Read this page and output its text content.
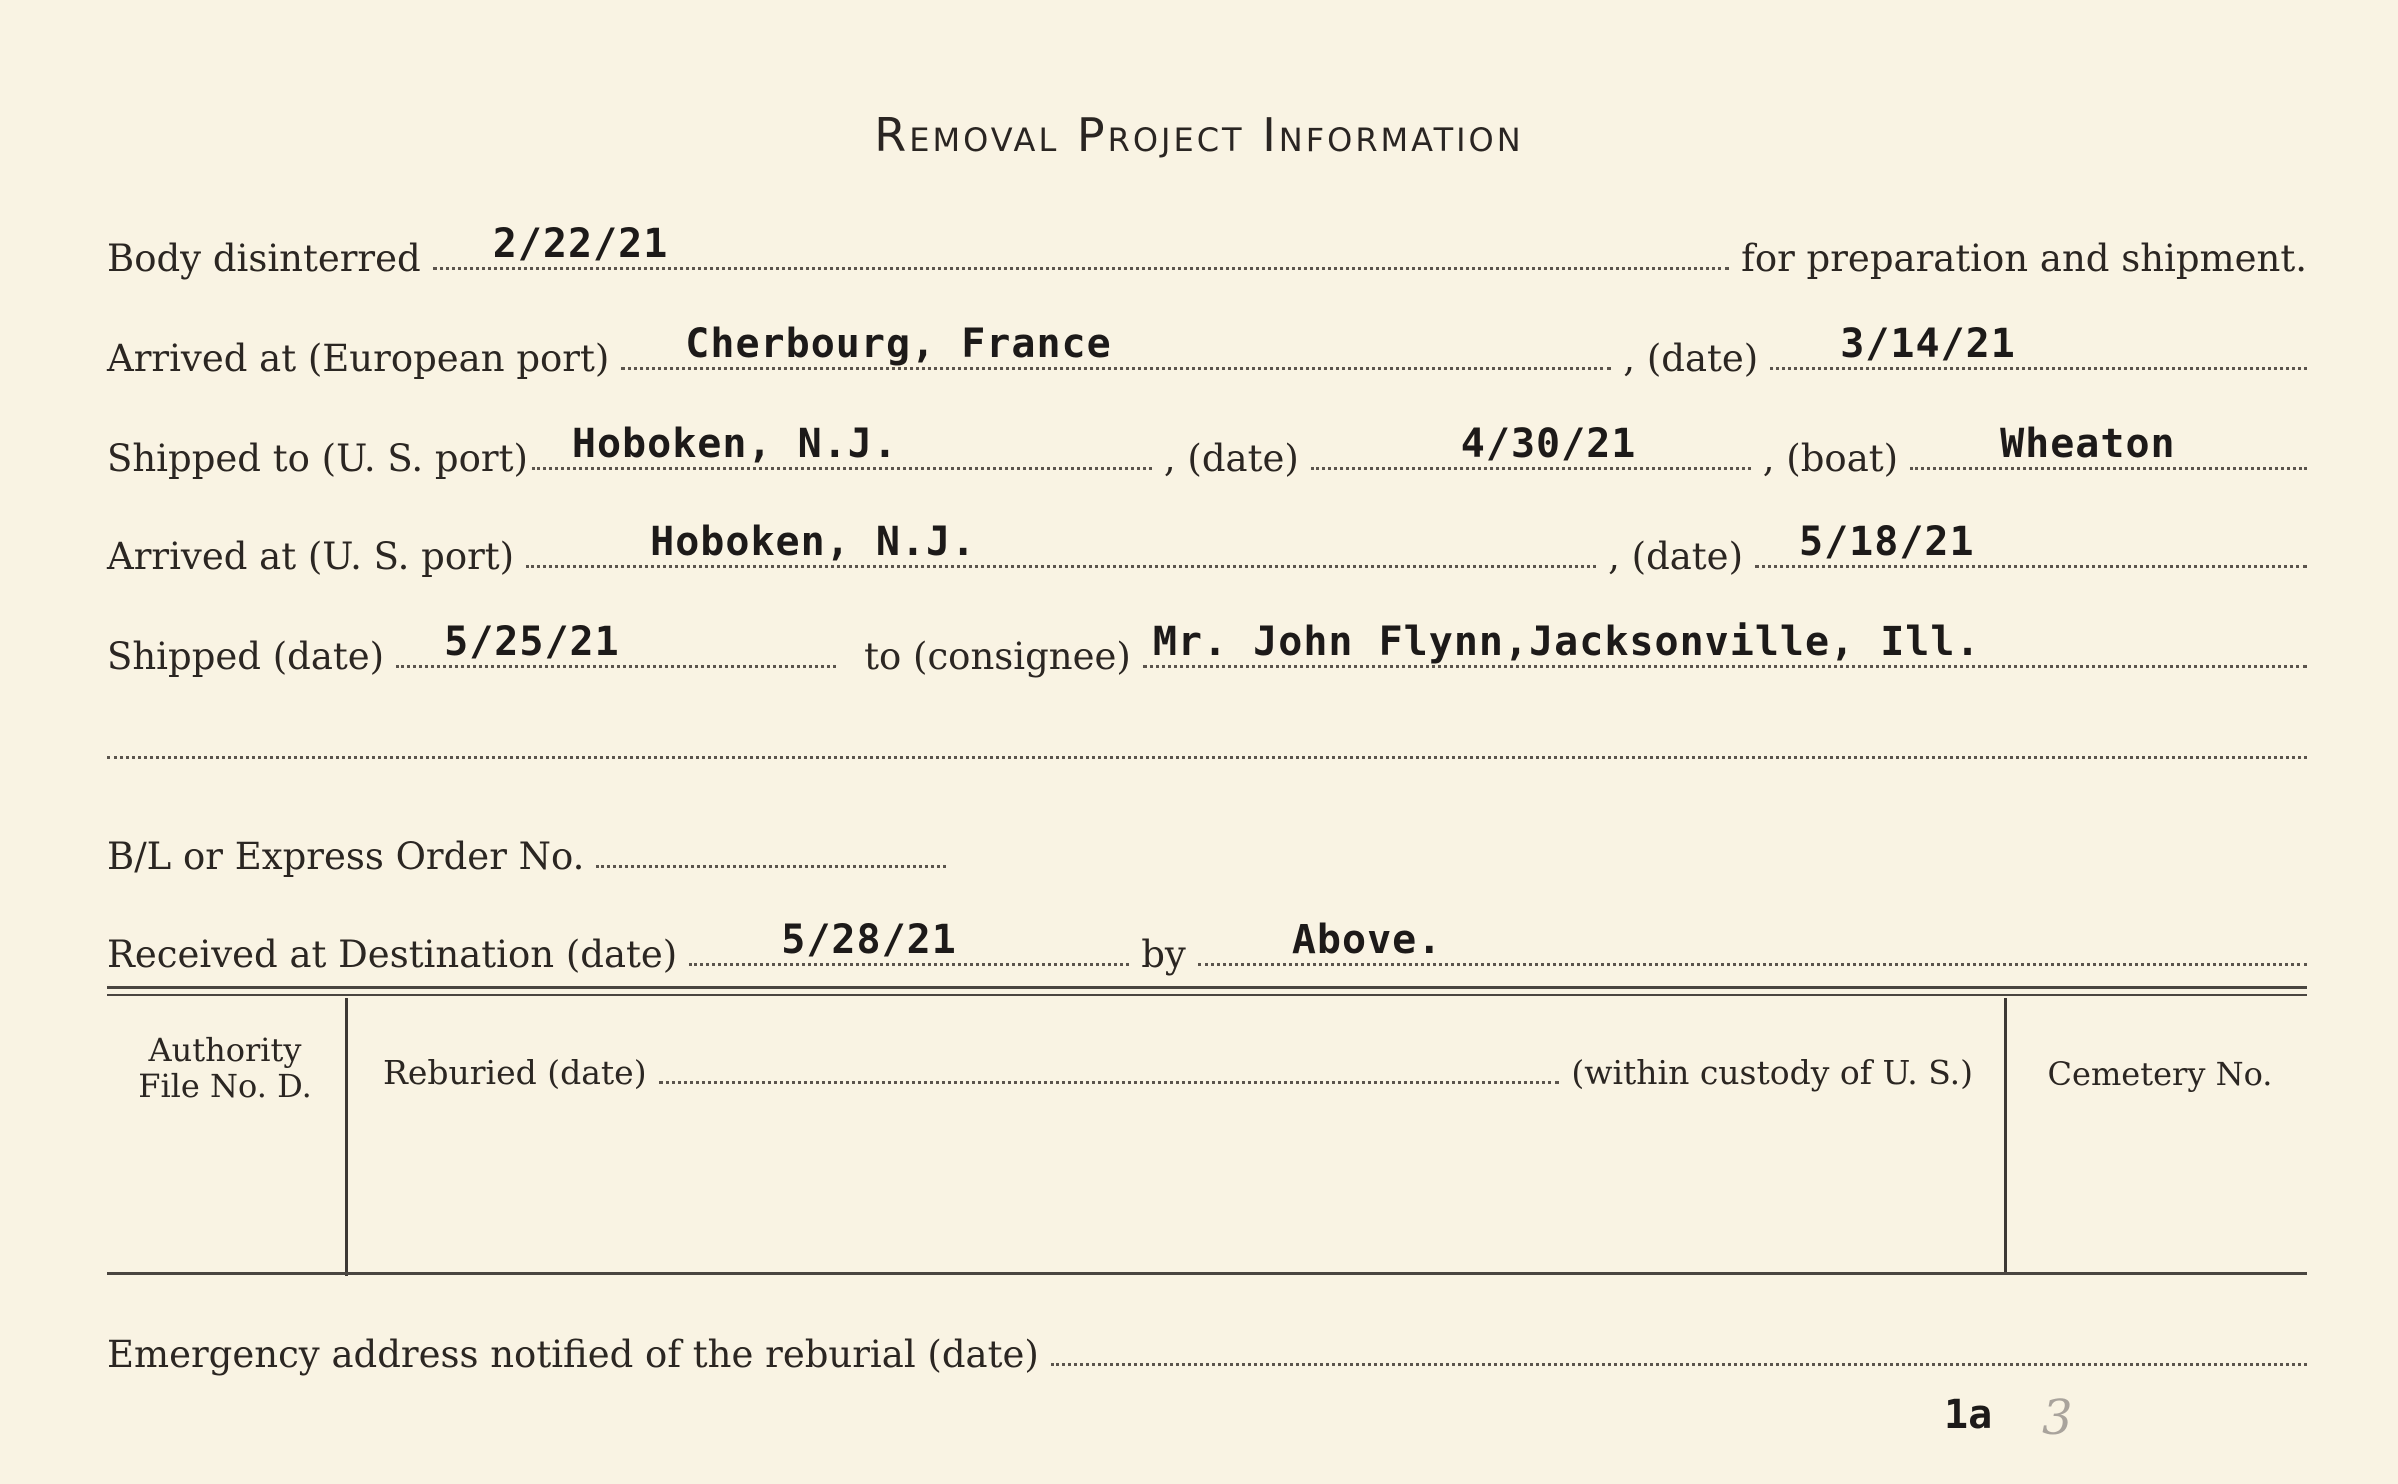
Removal Project Information
Body disinterred	2/22/21	for preparation and shipment.
Arrived at (European port)	Cherbourg, France	, (date)	3/14/21
Shipped to (U. S. port) Hoboken, N.J.	, (date)	4/30/21	, (boat)	Wheaton
Arrived at (U. S. port)	Hoboken, N.J.	, (date)	5/18/21
Shipped (date)	5/25/21	to (consignee) Mr. John Flynn,Jacksonville, Ill.
B/L or Express Order No.
Received at Destination (date)	5/28/21	by	Above.
Authority
File No. D.	Reburied (date)	(within custody of U. S.)	Cemetery No.
Emergency address notified of the reburial (date)
1a 3
